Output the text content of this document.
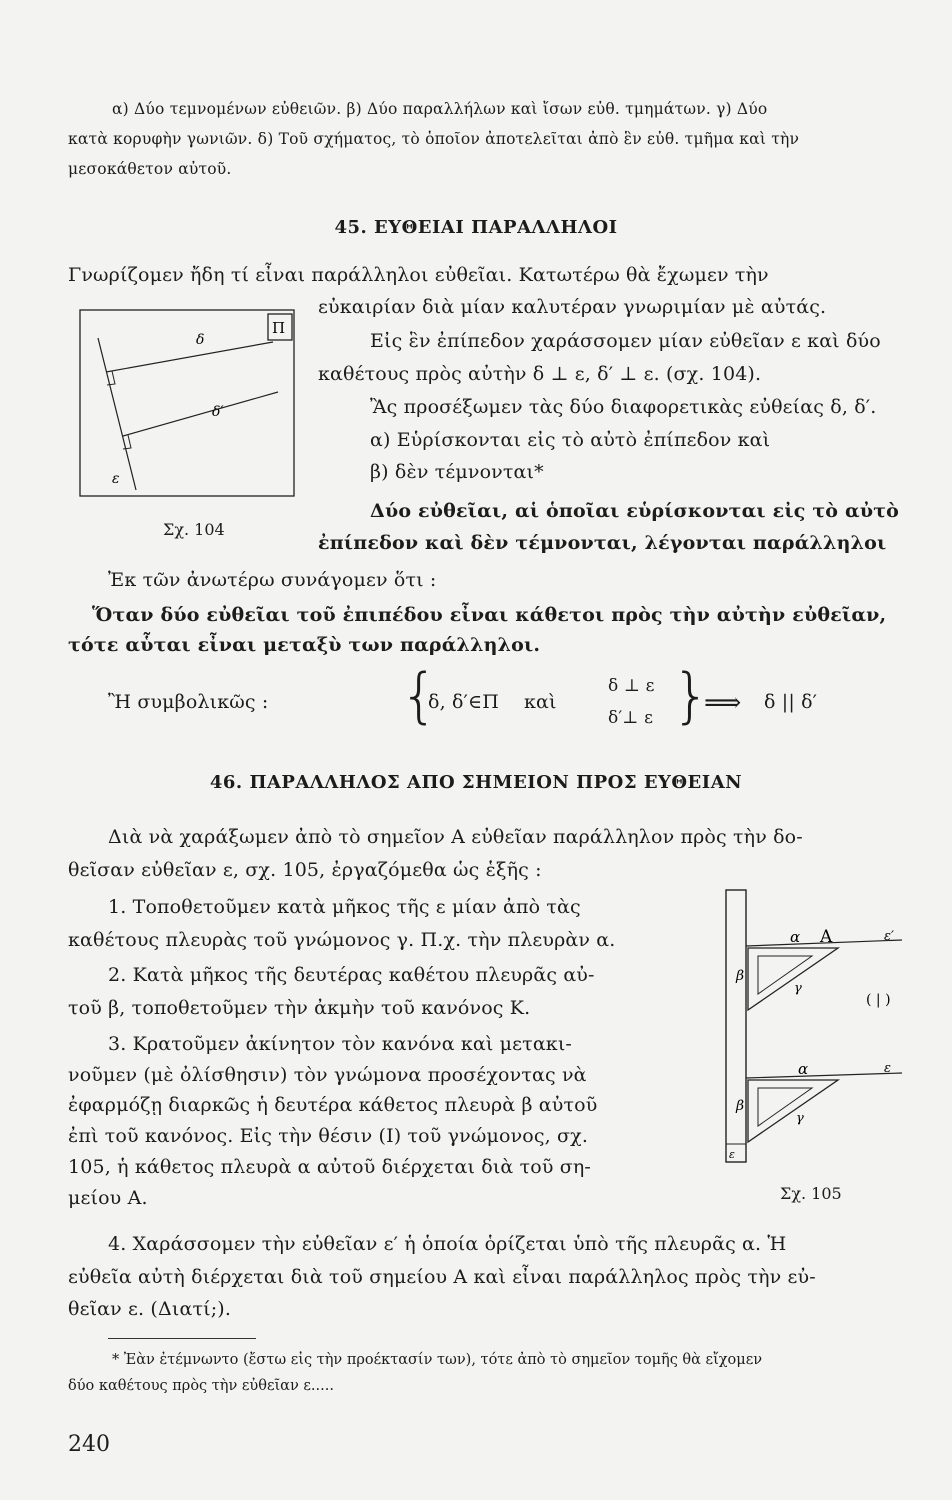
α) Δύο τεμνομένων εὐθειῶν. β) Δύο παραλλήλων καὶ ἴσων εὐθ. τμημάτων. γ) Δύο
κατὰ κορυφὴν γωνιῶν. δ) Τοῦ σχήματος, τὸ ὁποῖον ἀποτελεῖται ἀπὸ ἓν εὐθ. τμῆμα καὶ τὴν
μεσοκάθετον αὐτοῦ.
45. ΕΥΘΕΙΑΙ ΠΑΡΑΛΛΗΛΟΙ
Γνωρίζομεν ἤδη τί εἶναι παράλληλοι εὐθεῖαι. Κατωτέρω θὰ ἔχωμεν τὴν
εὐκαιρίαν διὰ μίαν καλυτέραν γνωριμίαν μὲ αὐτάς.
Εἰς ἓν ἐπίπεδον χαράσσομεν μίαν εὐθεῖαν ε καὶ δύο
καθέτους πρὸς αὐτὴν δ ⊥ ε, δ′ ⊥ ε. (σχ. 104).
Ἂς προσέξωμεν τὰς δύο διαφορετικὰς εὐθείας δ, δ′.
α) Εὑρίσκονται εἰς τὸ αὐτὸ ἐπίπεδον καὶ
β) δὲν τέμνονται*
Δύο εὐθεῖαι, αἱ ὁποῖαι εὑρίσκονται εἰς τὸ αὐτὸ
ἐπίπεδον καὶ δὲν τέμνονται, λέγονται παράλληλοι
Π
δ
δ′
ε
Σχ. 104
Ἐκ τῶν ἀνωτέρω συνάγομεν ὅτι :
Ὅταν δύο εὐθεῖαι τοῦ ἐπιπέδου εἶναι κάθετοι πρὸς τὴν αὐτὴν εὐθεῖαν,
τότε αὗται εἶναι μεταξὺ των παράλληλοι.
Ἢ συμβολικῶς : {
δ, δ′∈Π καὶ
δ ⊥ ε
δ′⊥ ε }
⟹ δ || δ′
46. ΠΑΡΑΛΛΗΛΟΣ ΑΠΟ ΣΗΜΕΙΟΝ ΠΡΟΣ ΕΥΘΕΙΑΝ
Διὰ νὰ χαράξωμεν ἀπὸ τὸ σημεῖον Α εὐθεῖαν παράλληλον πρὸς τὴν δο-
θεῖσαν εὐθεῖαν ε, σχ. 105, ἐργαζόμεθα ὡς ἑξῆς :
1. Τοποθετοῦμεν κατὰ μῆκος τῆς ε μίαν ἀπὸ τὰς
καθέτους πλευρὰς τοῦ γνώμονος γ. Π.χ. τὴν πλευρὰν α.
2. Κατὰ μῆκος τῆς δευτέρας καθέτου πλευρᾶς αὐ-
τοῦ β, τοποθετοῦμεν τὴν ἀκμὴν τοῦ κανόνος Κ.
3. Κρατοῦμεν ἀκίνητον τὸν κανόνα καὶ μετακι-
νοῦμεν (μὲ ὀλίσθησιν) τὸν γνώμονα προσέχοντας νὰ
ἐφαρμόζῃ διαρκῶς ἡ δευτέρα κάθετος πλευρὰ β αὐτοῦ
ἐπὶ τοῦ κανόνος. Εἰς τὴν θέσιν (Ι) τοῦ γνώμονος, σχ.
105, ἡ κάθετος πλευρὰ α αὐτοῦ διέρχεται διὰ τοῦ ση-
μείου Α.
α Α	ε′
β
γ
( | )
α	ε
β
γ
ε
Σχ. 105
4. Χαράσσομεν τὴν εὐθεῖαν ε′ ἡ ὁποία ὁρίζεται ὑπὸ τῆς πλευρᾶς α. Ἡ
εὐθεῖα αὐτὴ διέρχεται διὰ τοῦ σημείου Α καὶ εἶναι παράλληλος πρὸς τὴν εὐ-
θεῖαν ε. (Διατί;).
* Ἐὰν ἐτέμνωντο (ἔστω εἰς τὴν προέκτασίν των), τότε ἀπὸ τὸ σημεῖον τομῆς θὰ εἴχομεν
δύο καθέτους πρὸς τὴν εὐθεῖαν ε.....
240
